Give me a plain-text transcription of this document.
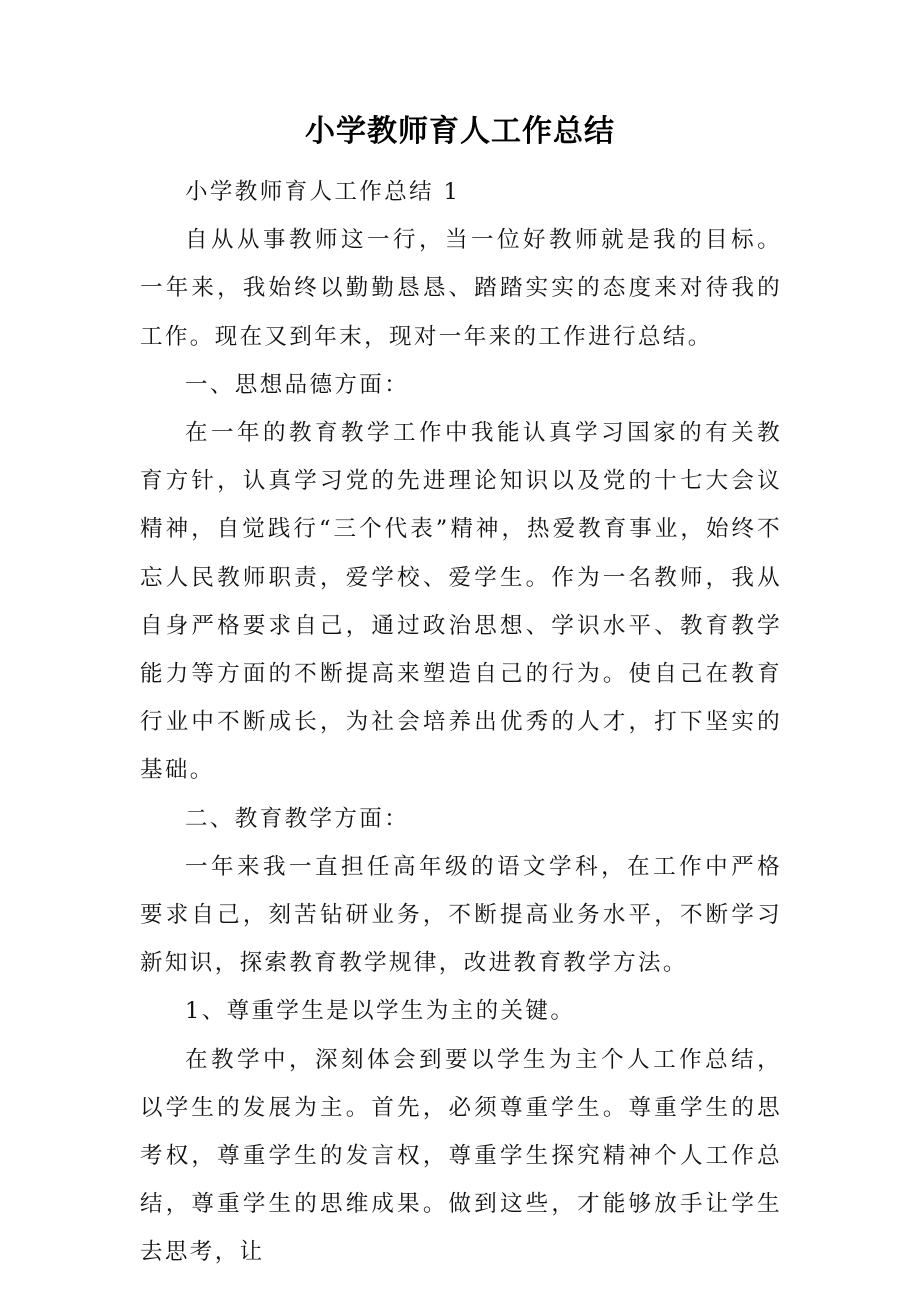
小学教师育人工作总结

小学教师育人工作总结 1

自从从事教师这一行，当一位好教师就是我的目标。一年来，我始终以勤勤恳恳、踏踏实实的态度来对待我的工作。现在又到年末，现对一年来的工作进行总结。

一、思想品德方面：

在一年的教育教学工作中我能认真学习国家的有关教育方针，认真学习党的先进理论知识以及党的十七大会议精神，自觉践行“三个代表”精神，热爱教育事业，始终不忘人民教师职责，爱学校、爱学生。作为一名教师，我从自身严格要求自己，通过政治思想、学识水平、教育教学能力等方面的不断提高来塑造自己的行为。使自己在教育行业中不断成长，为社会培养出优秀的人才，打下坚实的基础。

二、教育教学方面：

一年来我一直担任高年级的语文学科，在工作中严格要求自己，刻苦钻研业务，不断提高业务水平，不断学习新知识，探索教育教学规律，改进教育教学方法。

1、尊重学生是以学生为主的关键。

在教学中，深刻体会到要以学生为主个人工作总结，以学生的发展为主。首先，必须尊重学生。尊重学生的思考权，尊重学生的发言权，尊重学生探究精神个人工作总结，尊重学生的思维成果。做到这些，才能够放手让学生去思考，让
